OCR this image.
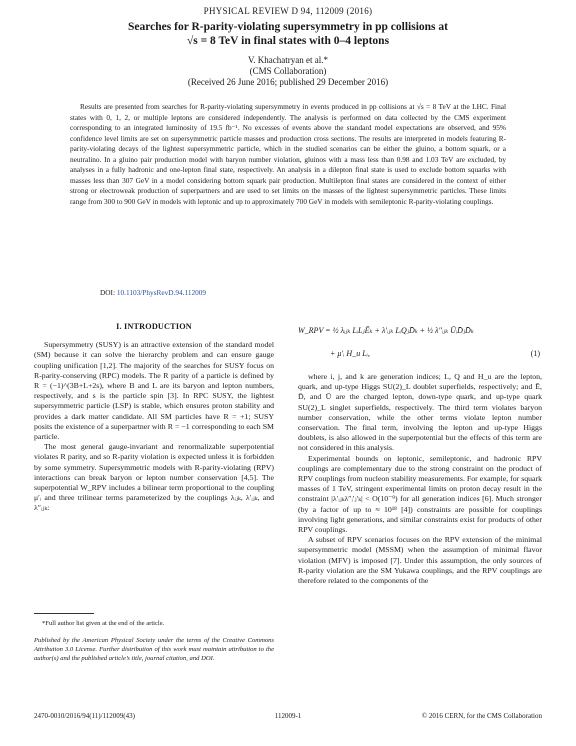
PHYSICAL REVIEW D 94, 112009 (2016)
Searches for R-parity-violating supersymmetry in pp collisions at
√s = 8 TeV in final states with 0–4 leptons
V. Khachatryan et al.*
(CMS Collaboration)
(Received 26 June 2016; published 29 December 2016)
Results are presented from searches for R-parity-violating supersymmetry in events produced in pp collisions at √s = 8 TeV at the LHC. Final states with 0, 1, 2, or multiple leptons are considered independently. The analysis is performed on data collected by the CMS experiment corresponding to an integrated luminosity of 19.5 fb⁻¹. No excesses of events above the standard model expectations are observed, and 95% confidence level limits are set on supersymmetric particle masses and production cross sections. The results are interpreted in models featuring R-parity-violating decays of the lightest supersymmetric particle, which in the studied scenarios can be either the gluino, a bottom squark, or a neutralino. In a gluino pair production model with baryon number violation, gluinos with a mass less than 0.98 and 1.03 TeV are excluded, by analyses in a fully hadronic and one-lepton final state, respectively. An analysis in a dilepton final state is used to exclude bottom squarks with masses less than 307 GeV in a model considering bottom squark pair production. Multilepton final states are considered in the context of either strong or electroweak production of superpartners and are used to set limits on the masses of the lightest supersymmetric particles. These limits range from 300 to 900 GeV in models with leptonic and up to approximately 700 GeV in models with semileptonic R-parity-violating couplings.
DOI: 10.1103/PhysRevD.94.112009
I. INTRODUCTION

Supersymmetry (SUSY) is an attractive extension of the standard model (SM) because it can solve the hierarchy problem and can ensure gauge coupling unification [1,2]. The majority of the searches for SUSY focus on R-parity-conserving (RPC) models. The R parity of a particle is defined by R = (−1)^(3B+L+2s), where B and L are its baryon and lepton numbers, respectively, and s is the particle spin [3]. In RPC SUSY, the lightest supersymmetric particle (LSP) is stable, which ensures proton stability and provides a dark matter candidate. All SM particles have R = +1; SUSY posits the existence of a superpartner with R = −1 corresponding to each SM particle.

The most general gauge-invariant and renormalizable superpotential violates R parity, and so R-parity violation is expected unless it is forbidden by some symmetry. Supersymmetric models with R-parity-violating (RPV) interactions can break baryon or lepton number conservation [4,5]. The superpotential W_RPV includes a bilinear term proportional to the coupling μ′ᵢ and three trilinear terms parameterized by the couplings λᵢⱼₖ, λ′ᵢⱼₖ, and λ″ᵢⱼₖ:

W_RPV = ½ λᵢⱼₖ LᵢLⱼĒₖ + λ′ᵢⱼₖ LᵢQⱼD̄ₖ + ½ λ″ᵢⱼₖ ŪᵢD̄ⱼD̄ₖ
+ μ′ᵢ H_u Lᵢ,	(1)

where i, j, and k are generation indices; L, Q and H_u are the lepton, quark, and up-type Higgs SU(2)_L doublet superfields, respectively; and Ē, D̄, and Ū are the charged lepton, down-type quark, and up-type quark SU(2)_L singlet superfields, respectively. The third term violates baryon number conservation, while the other terms violate lepton number conservation. The final term, involving the lepton and up-type Higgs doublets, is also allowed in the superpotential but the effects of this term are not considered in this analysis.

Experimental bounds on leptonic, semileptonic, and hadronic RPV couplings are complementary due to the strong constraint on the product of RPV couplings from nucleon stability measurements. For example, for squark masses of 1 TeV, stringent experimental limits on proton decay result in the constraint |λ′ᵢⱼₖλ″ᵢ′ⱼ′ₖ| < O(10⁻⁹) for all generation indices [6]. Much stronger (by a factor of up to ≈ 10¹⁸ [4]) constraints are possible for couplings involving light generations, and similar constraints exist for products of other RPV couplings.

A subset of RPV scenarios focuses on the RPV extension of the minimal supersymmetric model (MSSM) when the assumption of minimal flavor violation (MFV) is imposed [7]. Under this assumption, the only sources of R-parity violation are the SM Yukawa couplings, and the RPV couplings are therefore related to the components of the

*Full author list given at the end of the article.
Published by the American Physical Society under the terms of the Creative Commons Attribution 3.0 License. Further distribution of this work must maintain attribution to the author(s) and the published article’s title, journal citation, and DOI.
2470-0010/2016/94(11)/112009(43)	112009-1	© 2016 CERN, for the CMS Collaboration
